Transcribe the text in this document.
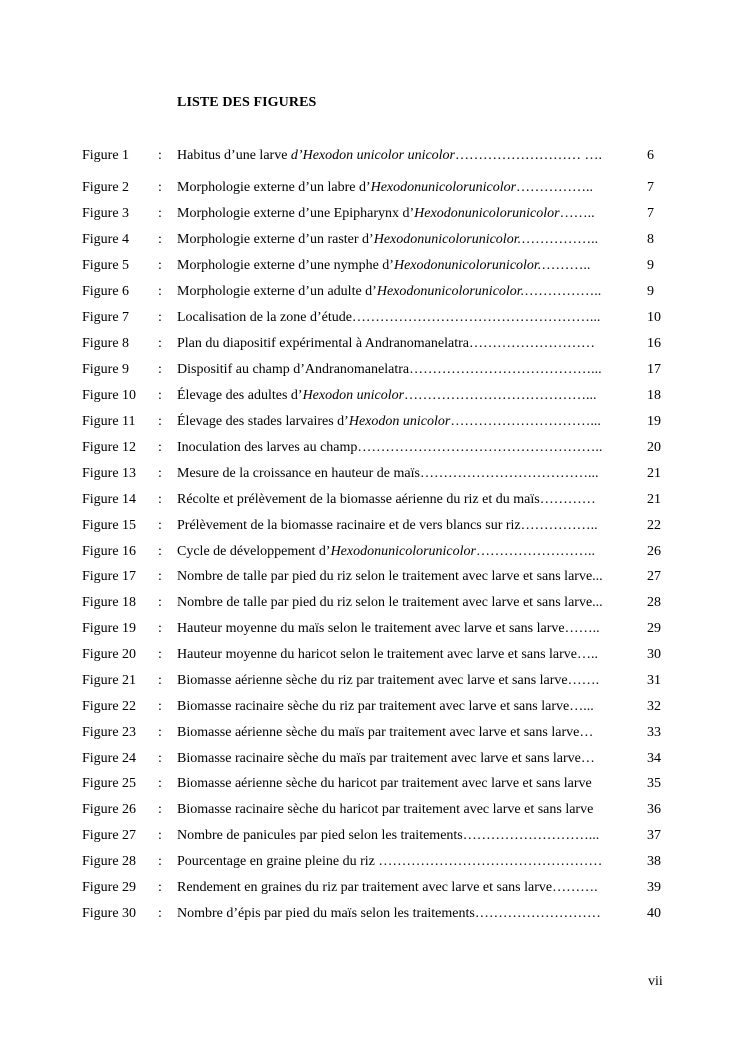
LISTE DES FIGURES
Figure 1 : Habitus d’une larve d’Hexodon unicolor unicolor……………………… ….	6
Figure 2 : Morphologie externe d’un labre d’Hexodonunicolorunicolor……………..	7
Figure 3 : Morphologie externe d’une Epipharynx d’Hexodonunicolorunicolor……..	7
Figure 4 : Morphologie externe d’un raster d’Hexodonunicolorunicolor.……………..	8
Figure 5 : Morphologie externe d’une nymphe d’Hexodonunicolorunicolor.………..	9
Figure 6 : Morphologie externe d’un adulte d’Hexodonunicolorunicolor.……………..	9
Figure 7 : Localisation de la zone d’étude……………………………………………...	10
Figure 8 : Plan du diapositif expérimental à Andranomanelatra………………………	16
Figure 9 : Dispositif au champ d’Andranomanelatra…………………………………...	17
Figure 10 : Élevage des adultes d’Hexodon unicolor…………………………………...	18
Figure 11 : Élevage des stades larvaires d’Hexodon unicolor…………………………...	19
Figure 12 : Inoculation des larves au champ……………………………………………..	20
Figure 13 : Mesure de la croissance en hauteur de maïs………………………………...	21
Figure 14 : Récolte et prélèvement de la biomasse aérienne du riz et du maïs…………	21
Figure 15 : Prélèvement de la biomasse racinaire et de vers blancs sur riz……………..	22
Figure 16 : Cycle de développement d’Hexodonunicolorunicolor……………………..	26
Figure 17 : Nombre de talle par pied du riz selon le traitement avec larve et sans larve...	27
Figure 18 : Nombre de talle par pied du riz selon le traitement avec larve et sans larve...	28
Figure 19 : Hauteur moyenne du maïs selon le traitement avec larve et sans larve……..	29
Figure 20 : Hauteur moyenne du haricot selon le traitement avec larve et sans larve…..	30
Figure 21 : Biomasse aérienne sèche du riz par traitement avec larve et sans larve…….	31
Figure 22 : Biomasse racinaire sèche du riz par traitement avec larve et sans larve…...	32
Figure 23 : Biomasse aérienne sèche du maïs par traitement avec larve et sans larve…	33
Figure 24 : Biomasse racinaire sèche du maïs par traitement avec larve et sans larve…	34
Figure 25 : Biomasse aérienne sèche du haricot par traitement avec larve et sans larve	35
Figure 26 : Biomasse racinaire sèche du haricot par traitement avec larve et sans larve	36
Figure 27 : Nombre de panicules par pied selon les traitements………………………...	37
Figure 28 : Pourcentage en graine pleine du riz …………………………………………	38
Figure 29 : Rendement en graines du riz par traitement avec larve et sans larve……….	39
Figure 30 : Nombre d’épis par pied du maïs selon les traitements………………………	40
vii
